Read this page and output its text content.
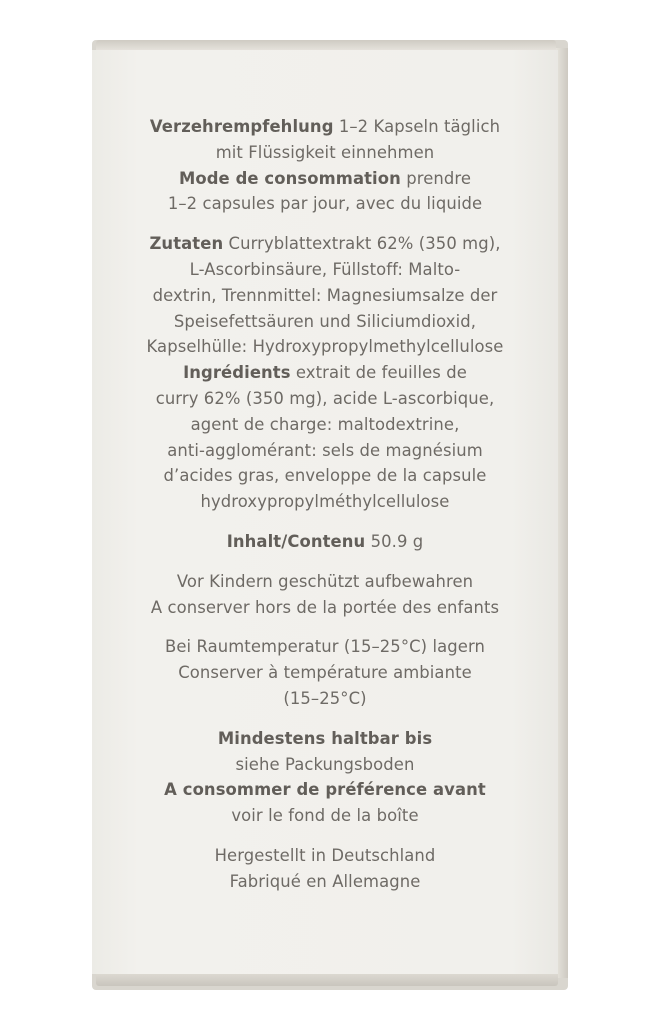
Verzehrempfehlung 1–2 Kapseln täglich
mit Flüssigkeit einnehmen
Mode de consommation prendre
1–2 capsules par jour, avec du liquide
Zutaten Curryblattextrakt 62% (350 mg),
L-Ascorbinsäure, Füllstoff: Malto-
dextrin, Trennmittel: Magnesiumsalze der
Speisefettsäuren und Siliciumdioxid,
Kapselhülle: Hydroxypropylmethylcellulose
Ingrédients extrait de feuilles de
curry 62% (350 mg), acide L-ascorbique,
agent de charge: maltodextrine,
anti-agglomérant: sels de magnésium
d’acides gras, enveloppe de la capsule
hydroxypropylméthylcellulose
Inhalt/Contenu 50.9 g
Vor Kindern geschützt aufbewahren
A conserver hors de la portée des enfants
Bei Raumtemperatur (15–25°C) lagern
Conserver à température ambiante
(15–25°C)
Mindestens haltbar bis
siehe Packungsboden
A consommer de préférence avant
voir le fond de la boîte
Hergestellt in Deutschland
Fabriqué en Allemagne
